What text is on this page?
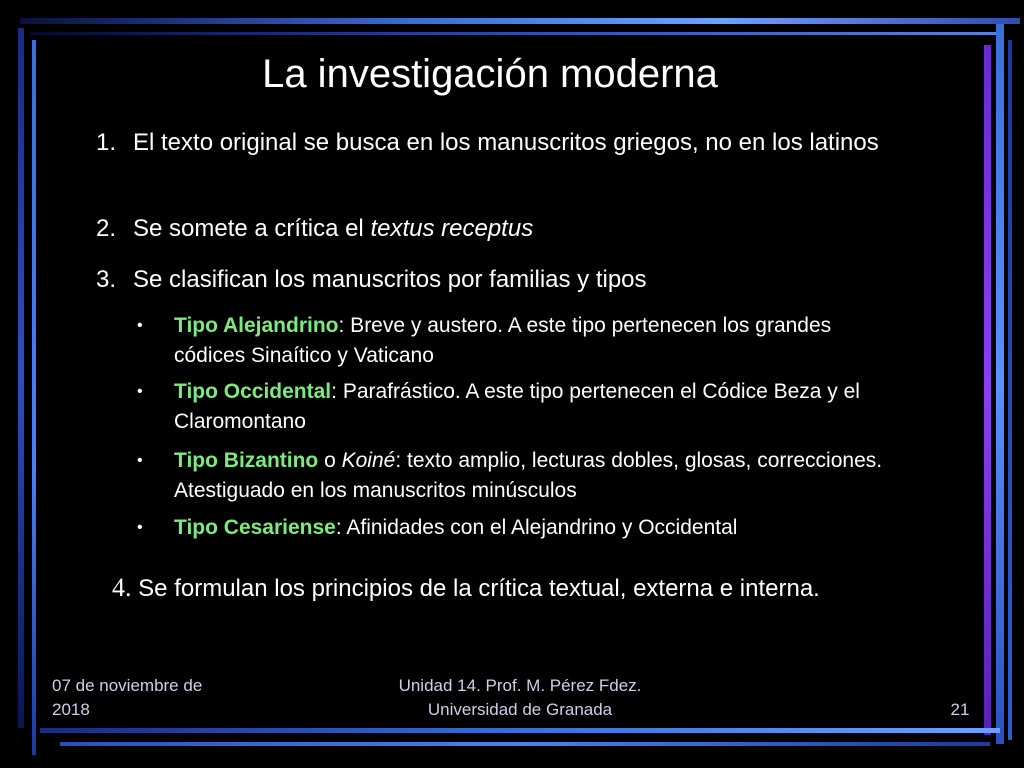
La investigación moderna
1. El texto original se busca en los manuscritos griegos, no en los latinos
2. Se somete a crítica el textus receptus
3. Se clasifican los manuscritos por familias y tipos
• Tipo Alejandrino: Breve y austero. A este tipo pertenecen los grandes códices Sinaítico y Vaticano
• Tipo Occidental: Parafrástico. A este tipo pertenecen el Códice Beza y el Claromontano
• Tipo Bizantino o Koiné: texto amplio, lecturas dobles, glosas, correcciones. Atestiguado en los manuscritos minúsculos
• Tipo Cesariense: Afinidades con el Alejandrino y Occidental
4. Se formulan los principios de la crítica textual, externa e interna.
07 de noviembre de 2018
Unidad 14. Prof. M. Pérez Fdez.
Universidad de Granada	21
